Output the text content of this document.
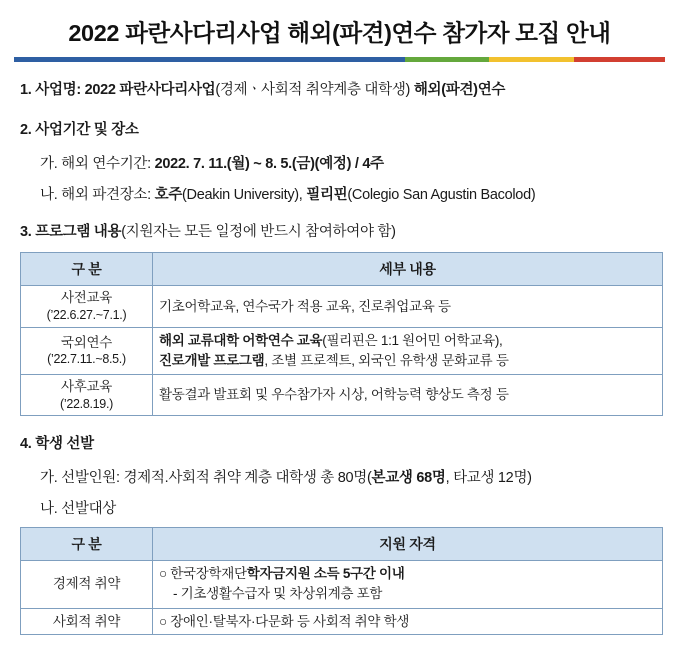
2022 파란사다리사업 해외(파견)연수 참가자 모집 안내
1. 사업명: 2022 파란사다리사업(경제ㆍ사회적 취약계층 대학생) 해외(파견)연수
2. 사업기간 및 장소
가. 해외 연수기간: 2022. 7. 11.(월) ~ 8. 5.(금)(예정) / 4주
나. 해외 파견장소: 호주(Deakin University), 필리핀(Colegio San Agustin Bacolod)
3. 프로그램 내용(지원자는 모든 일정에 반드시 참여하여야 함)
구 분	세부 내용

사전교육
(’22.6.27.~7.1.)	기초어학교육, 연수국가 적용 교육, 진로취업교육 등

국외연수
(’22.7.11.~8.5.)	해외 교류대학 어학연수 교육(필리핀은 1:1 원어민 어학교육),
진로개발 프로그램, 조별 프로젝트, 외국인 유학생 문화교류 등

사후교육
(’22.8.19.)	활동결과 발표회 및 우수참가자 시상, 어학능력 향상도 측정 등
4. 학생 선발
가. 선발인원: 경제적.사회적 취약 계층 대학생 총 80명(본교생 68명, 타교생 12명)
나. 선발대상
구 분	지원 자격
경제적 취약	○ 한국장학재단학자금지원 소득 5구간 이내
- 기초생활수급자 및 차상위계층 포함

사회적 취약	○ 장애인·탈북자·다문화 등 사회적 취약 학생
